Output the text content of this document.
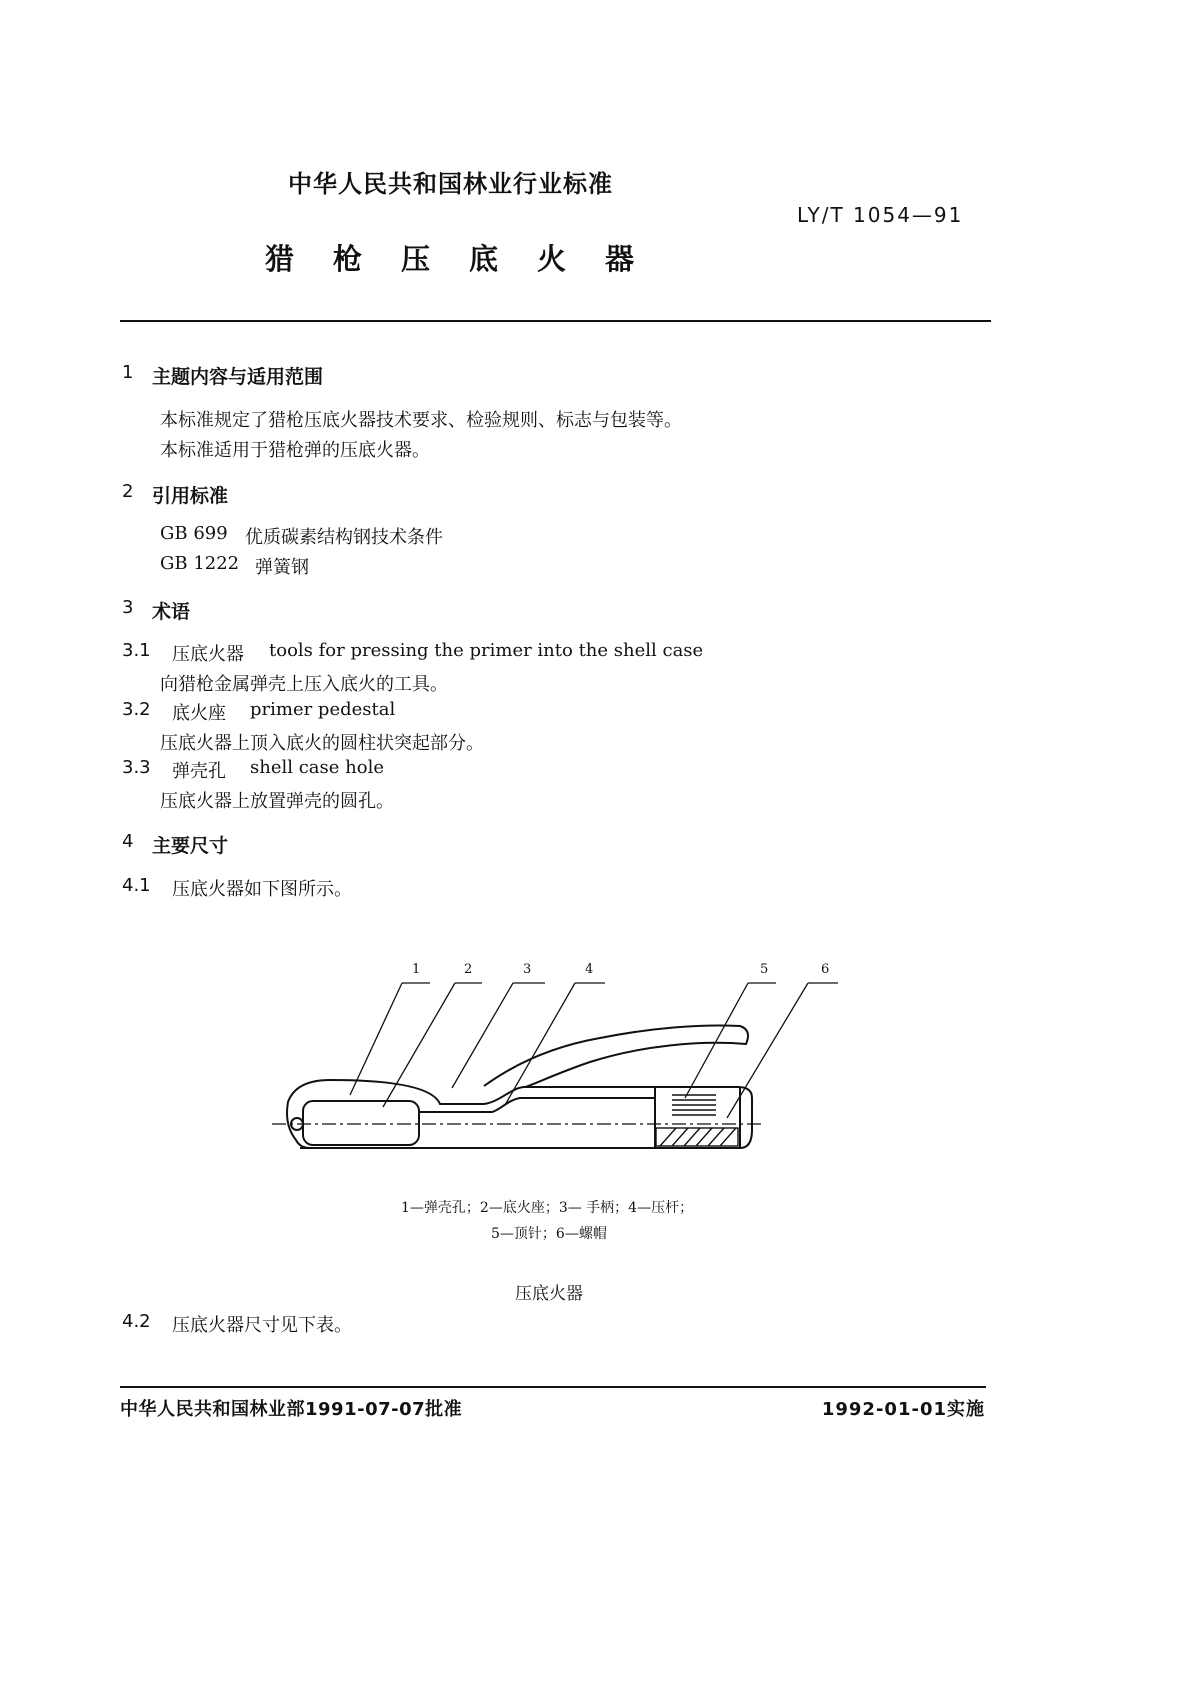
中华人民共和国林业行业标准
LY/T 1054—91
猎 枪 压 底 火 器
1 主题内容与适用范围
本标准规定了猎枪压底火器技术要求、检验规则、标志与包装等。
本标准适用于猎枪弹的压底火器。
2 引用标准
GB 699 优质碳素结构钢技术条件
GB 1222 弹簧钢
3 术语
3.1 压底火器 tools for pressing the primer into the shell case
向猎枪金属弹壳上压入底火的工具。
3.2 底火座 primer pedestal
压底火器上顶入底火的圆柱状突起部分。
3.3 弹壳孔 shell case hole
压底火器上放置弹壳的圆孔。
4 主要尺寸
4.1 压底火器如下图所示。
1	2	3	4	5	6
1—弹壳孔；2—底火座；3— 手柄；4—压杆；
5—顶针；6—螺帽
压底火器
4.2 压底火器尺寸见下表。
中华人民共和国林业部1991-07-07批准	1992-01-01实施
